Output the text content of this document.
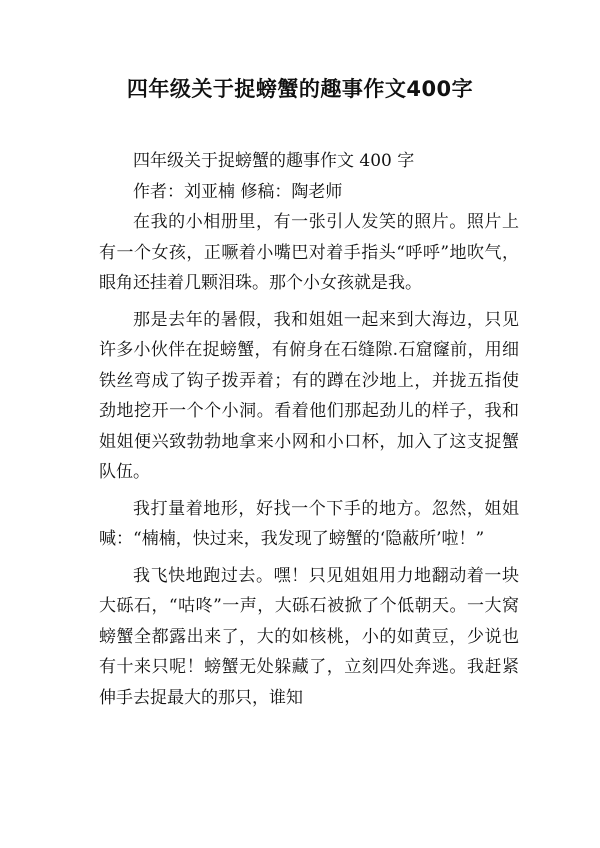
四年级关于捉螃蟹的趣事作文400字

四年级关于捉螃蟹的趣事作文 400 字

作者：刘亚楠 修稿：陶老师

在我的小相册里，有一张引人发笑的照片。照片上有一个女孩，正噘着小嘴巴对着手指头“呼呼”地吹气，眼角还挂着几颗泪珠。那个小女孩就是我。

那是去年的暑假，我和姐姐一起来到大海边，只见许多小伙伴在捉螃蟹，有俯身在石缝隙.石窟窿前，用细铁丝弯成了钩子拨弄着；有的蹲在沙地上，并拢五指使劲地挖开一个个小洞。看着他们那起劲儿的样子，我和姐姐便兴致勃勃地拿来小网和小口杯，加入了这支捉蟹队伍。

我打量着地形，好找一个下手的地方。忽然，姐姐喊：“楠楠，快过来，我发现了螃蟹的‘隐蔽所’啦！”

我飞快地跑过去。嘿！只见姐姐用力地翻动着一块大砾石，“咕咚”一声，大砾石被掀了个低朝天。一大窝螃蟹全都露出来了，大的如核桃，小的如黄豆，少说也有十来只呢！螃蟹无处躲藏了，立刻四处奔逃。我赶紧伸手去捉最大的那只，谁知
